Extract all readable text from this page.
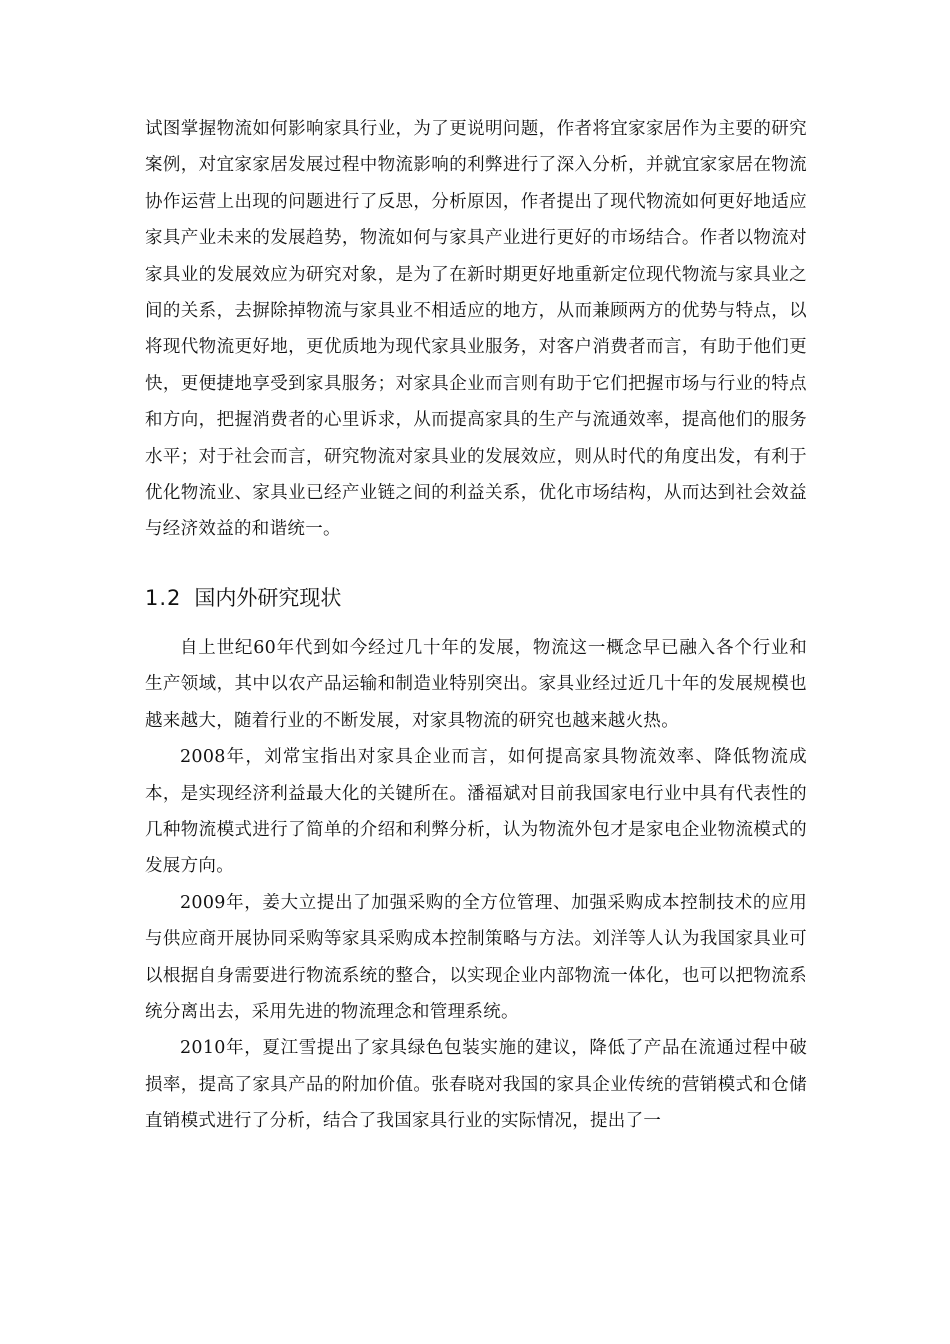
试图掌握物流如何影响家具行业，为了更说明问题，作者将宜家家居作为主要的研究案例，对宜家家居发展过程中物流影响的利弊进行了深入分析，并就宜家家居在物流协作运营上出现的问题进行了反思，分析原因，作者提出了现代物流如何更好地适应家具产业未来的发展趋势，物流如何与家具产业进行更好的市场结合。作者以物流对家具业的发展效应为研究对象，是为了在新时期更好地重新定位现代物流与家具业之间的关系，去摒除掉物流与家具业不相适应的地方，从而兼顾两方的优势与特点，以将现代物流更好地，更优质地为现代家具业服务，对客户消费者而言，有助于他们更快，更便捷地享受到家具服务；对家具企业而言则有助于它们把握市场与行业的特点和方向，把握消费者的心里诉求，从而提高家具的生产与流通效率，提高他们的服务水平；对于社会而言，研究物流对家具业的发展效应，则从时代的角度出发，有利于优化物流业、家具业已经产业链之间的利益关系，优化市场结构，从而达到社会效益与经济效益的和谐统一。

1.2 国内外研究现状

自上世纪60年代到如今经过几十年的发展，物流这一概念早已融入各个行业和生产领域，其中以农产品运输和制造业特别突出。家具业经过近几十年的发展规模也越来越大，随着行业的不断发展，对家具物流的研究也越来越火热。

2008年，刘常宝指出对家具企业而言，如何提高家具物流效率、降低物流成本，是实现经济利益最大化的关键所在。潘福斌对目前我国家电行业中具有代表性的几种物流模式进行了简单的介绍和利弊分析，认为物流外包才是家电企业物流模式的发展方向。

2009年，姜大立提出了加强采购的全方位管理、加强采购成本控制技术的应用与供应商开展协同采购等家具采购成本控制策略与方法。刘洋等人认为我国家具业可以根据自身需要进行物流系统的整合，以实现企业内部物流一体化，也可以把物流系统分离出去，采用先进的物流理念和管理系统。

2010年，夏江雪提出了家具绿色包装实施的建议，降低了产品在流通过程中破损率，提高了家具产品的附加价值。张春晓对我国的家具企业传统的营销模式和仓储直销模式进行了分析，结合了我国家具行业的实际情况，提出了一
